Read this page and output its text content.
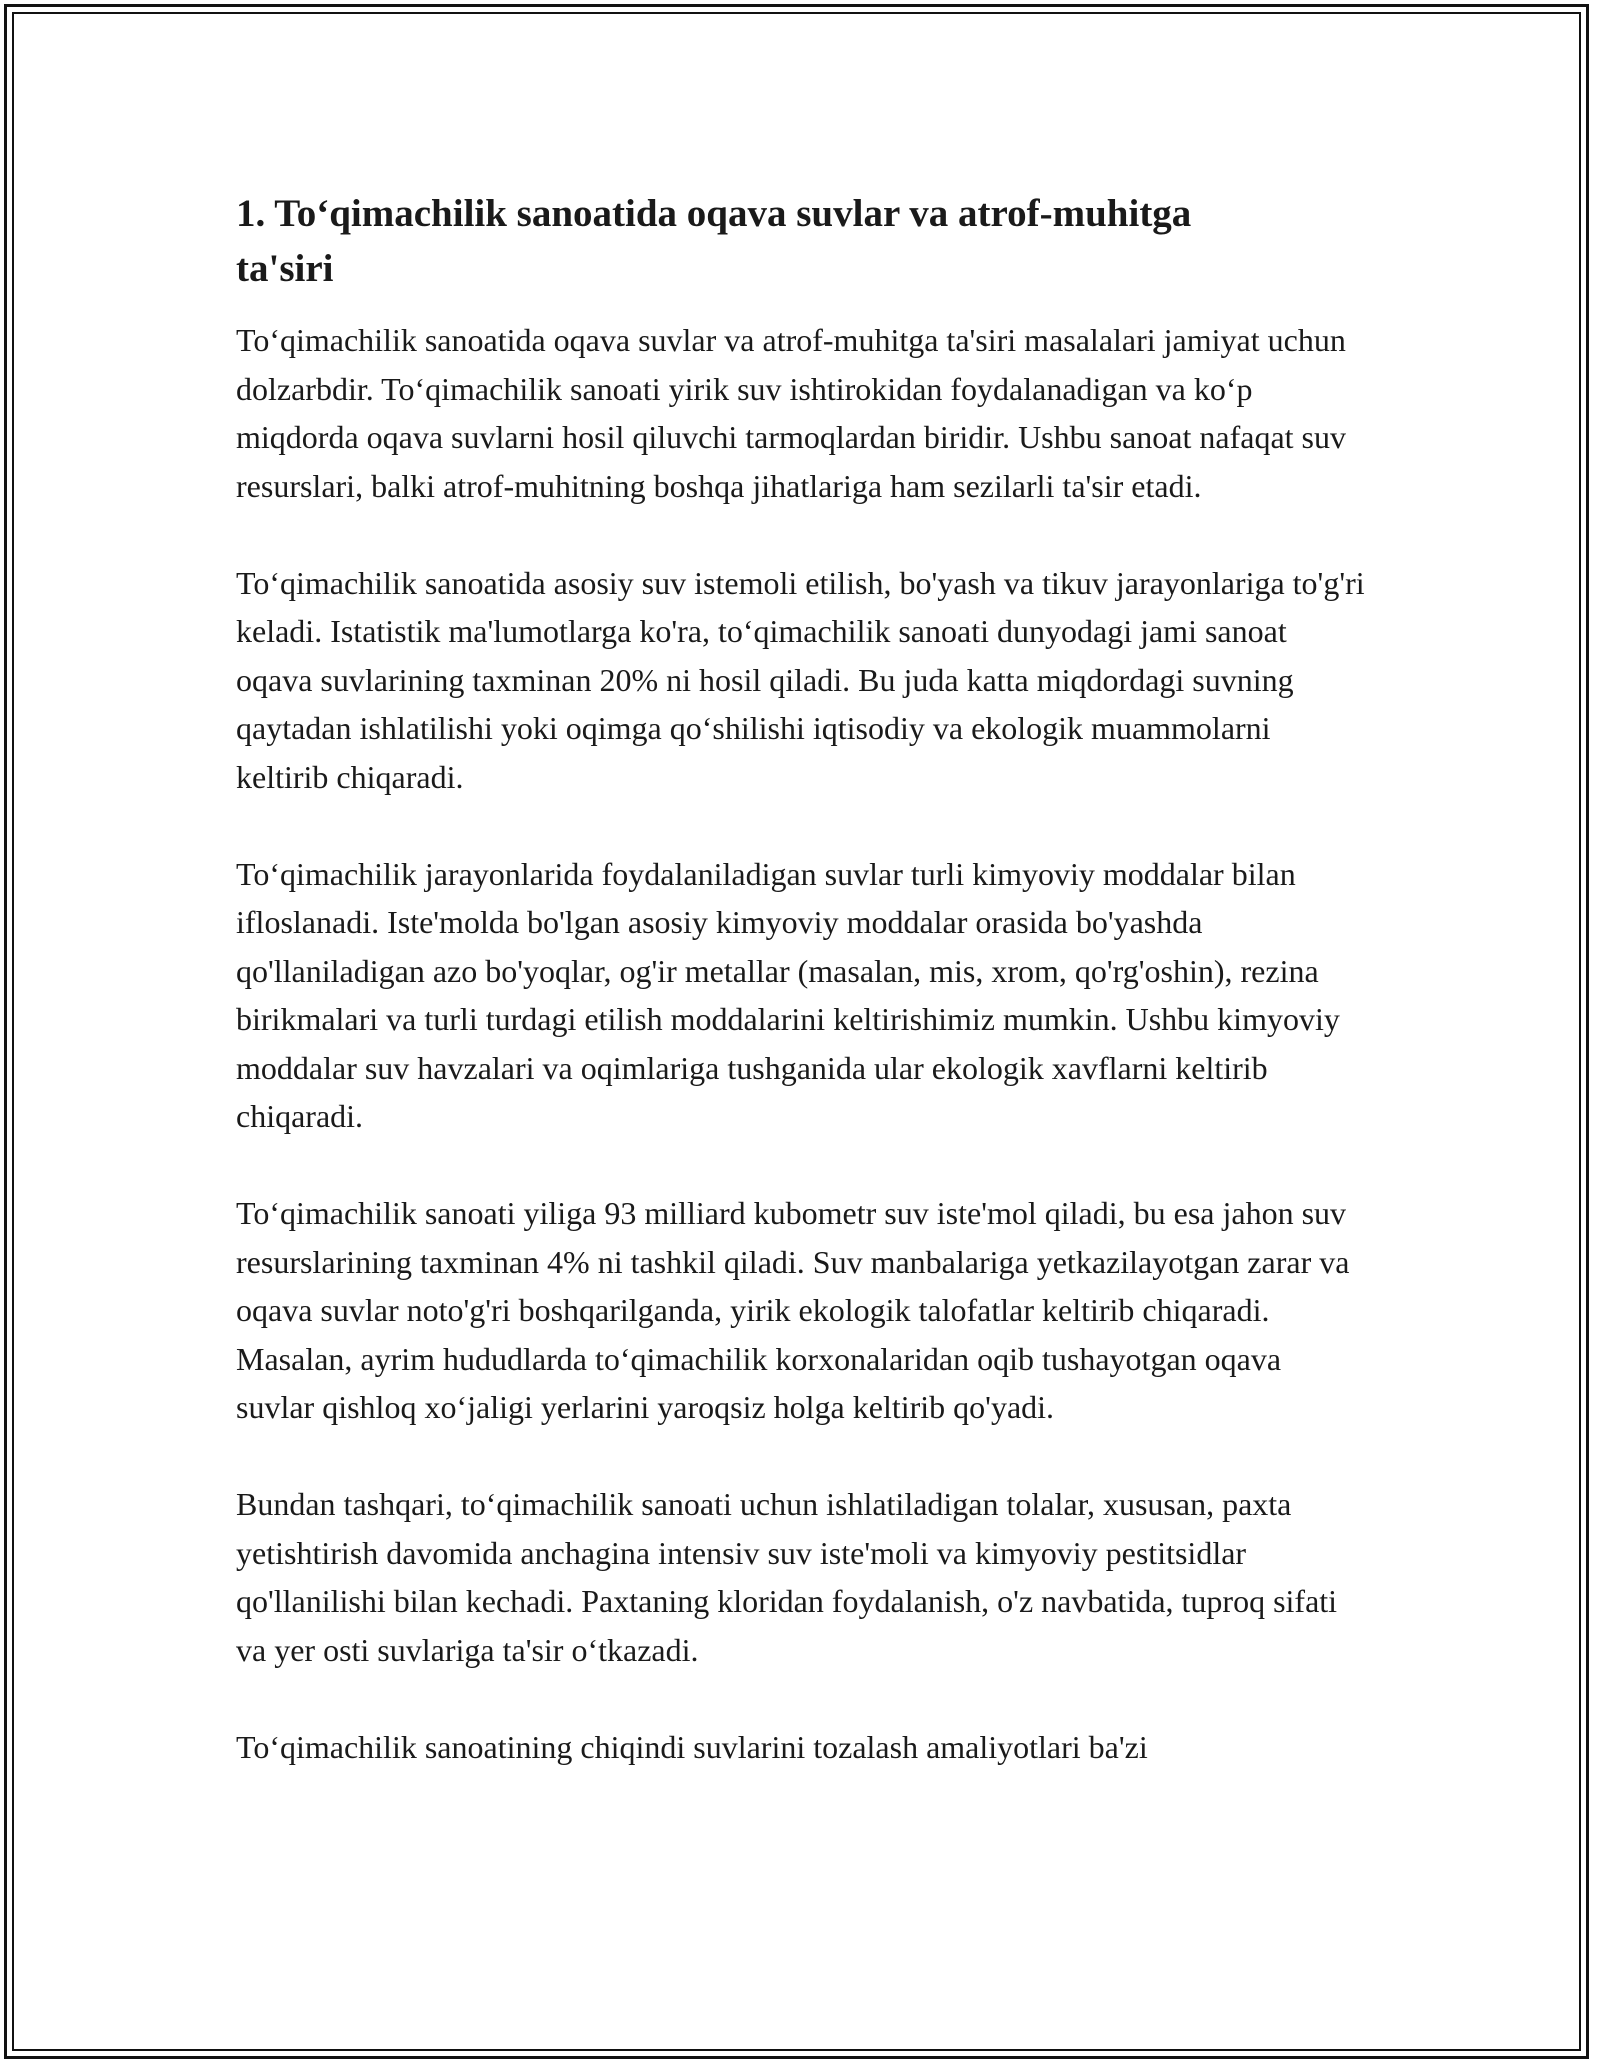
1. To‘qimachilik sanoatida oqava suvlar va atrof-muhitga ta'siri

To‘qimachilik sanoatida oqava suvlar va atrof-muhitga ta'siri masalalari jamiyat uchun dolzarbdir. To‘qimachilik sanoati yirik suv ishtirokidan foydalanadigan va ko‘p miqdorda oqava suvlarni hosil qiluvchi tarmoqlardan biridir. Ushbu sanoat nafaqat suv resurslari, balki atrof-muhitning boshqa jihatlariga ham sezilarli ta'sir etadi.

To‘qimachilik sanoatida asosiy suv istemoli etilish, bo'yash va tikuv jarayonlariga to'g'ri keladi. Istatistik ma'lumotlarga ko'ra, to‘qimachilik sanoati dunyodagi jami sanoat oqava suvlarining taxminan 20% ni hosil qiladi. Bu juda katta miqdordagi suvning qaytadan ishlatilishi yoki oqimga qo‘shilishi iqtisodiy va ekologik muammolarni keltirib chiqaradi.

To‘qimachilik jarayonlarida foydalaniladigan suvlar turli kimyoviy moddalar bilan ifloslanadi. Iste'molda bo'lgan asosiy kimyoviy moddalar orasida bo'yashda qo'llaniladigan azo bo'yoqlar, og'ir metallar (masalan, mis, xrom, qo'rg'oshin), rezina birikmalari va turli turdagi etilish moddalarini keltirishimiz mumkin. Ushbu kimyoviy moddalar suv havzalari va oqimlariga tushganida ular ekologik xavflarni keltirib chiqaradi.

To‘qimachilik sanoati yiliga 93 milliard kubometr suv iste'mol qiladi, bu esa jahon suv resurslarining taxminan 4% ni tashkil qiladi. Suv manbalariga yetkazilayotgan zarar va oqava suvlar noto'g'ri boshqarilganda, yirik ekologik talofatlar keltirib chiqaradi. Masalan, ayrim hududlarda to‘qimachilik korxonalaridan oqib tushayotgan oqava suvlar qishloq xo‘jaligi yerlarini yaroqsiz holga keltirib qo'yadi.

Bundan tashqari, to‘qimachilik sanoati uchun ishlatiladigan tolalar, xususan, paxta yetishtirish davomida anchagina intensiv suv iste'moli va kimyoviy pestitsidlar qo'llanilishi bilan kechadi. Paxtaning kloridan foydalanish, o'z navbatida, tuproq sifati va yer osti suvlariga ta'sir o‘tkazadi.

To‘qimachilik sanoatining chiqindi suvlarini tozalash amaliyotlari ba'zi
